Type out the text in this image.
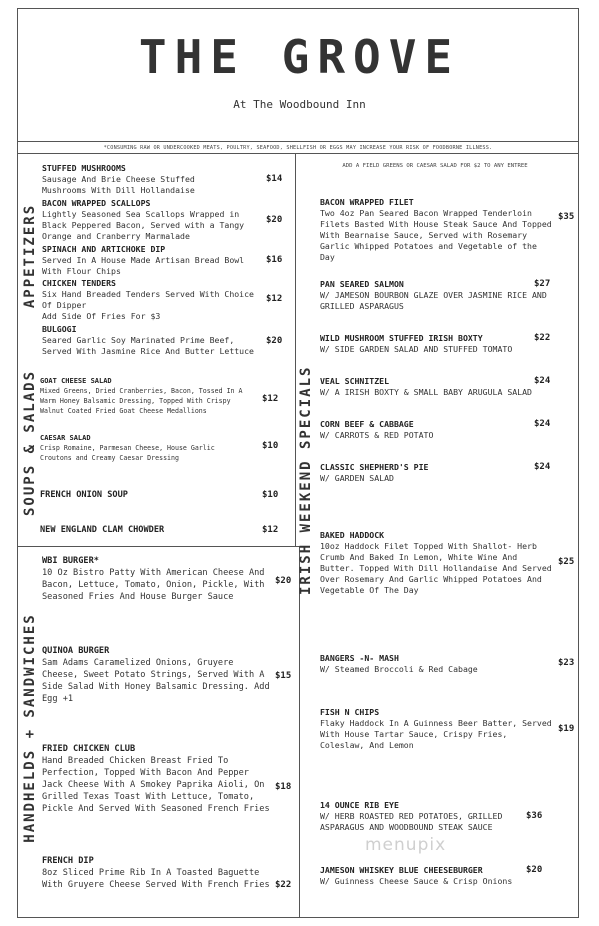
THE GROVE
At The Woodbound Inn
*CONSUMING RAW OR UNDERCOOKED MEATS, POULTRY, SEAFOOD, SHELLFISH OR EGGS MAY INCREASE YOUR RISK OF FOODBORNE ILLNESS.
APPETIZERS
SOUPS & SALADS
HANDHELDS + SANDWICHES
IRISH WEEKEND SPECIALS
ADD A FIELD GREENS OR CAESAR SALAD FOR $2 TO ANY ENTREE
STUFFED MUSHROOMS
Sausage And Brie Cheese Stuffed Mushrooms With Dill Hollandaise
$14
BACON WRAPPED SCALLOPS
Lightly Seasoned Sea Scallops Wrapped in Black Peppered Bacon, Served with a Tangy Orange and Cranberry Marmalade
$20
SPINACH AND ARTICHOKE DIP
Served In A House Made Artisan Bread Bowl With Flour Chips
$16
CHICKEN TENDERS
Six Hand Breaded Tenders Served With Choice Of Dipper
Add Side Of Fries For $3
$12
BULGOGI
Seared Garlic Soy Marinated Prime Beef, Served With Jasmine Rice And Butter Lettuce
$20
GOAT CHEESE SALAD
Mixed Greens, Dried Cranberries, Bacon, Tossed In A Warm Honey Balsamic Dressing, Topped With Crispy Walnut Coated Fried Goat Cheese Medallions
$12
CAESAR SALAD
Crisp Romaine, Parmesan Cheese, House Garlic Croutons and Creamy Caesar Dressing
$10
FRENCH ONION SOUP	$10
NEW ENGLAND CLAM CHOWDER	$12
WBI BURGER*
10 Oz Bistro Patty With American Cheese And Bacon, Lettuce, Tomato, Onion, Pickle, With Seasoned Fries And House Burger Sauce
$20
QUINOA BURGER
Sam Adams Caramelized Onions, Gruyere Cheese, Sweet Potato Strings, Served With A Side Salad With Honey Balsamic Dressing. Add Egg +1
$15
FRIED CHICKEN CLUB
Hand Breaded Chicken Breast Fried To Perfection, Topped With Bacon And Pepper Jack Cheese With A Smokey Paprika Aioli, On Grilled Texas Toast With Lettuce, Tomato, Pickle And Served With Seasoned French Fries
$18
FRENCH DIP
8oz Sliced Prime Rib In A Toasted Baguette With Gruyere Cheese Served With French Fries $22
BACON WRAPPED FILET
Two 4oz Pan Seared Bacon Wrapped Tenderloin Filets Basted With House Steak Sauce And Topped With Bearnaise Sauce, Served with Rosemary Garlic Whipped Potatoes and Vegetable of the Day
$35
PAN SEARED SALMON
W/ JAMESON BOURBON GLAZE OVER JASMINE RICE AND GRILLED ASPARAGUS
$27
WILD MUSHROOM STUFFED IRISH BOXTY
W/ SIDE GARDEN SALAD AND STUFFED TOMATO
$22
VEAL SCHNITZEL
W/ A IRISH BOXTY & SMALL BABY ARUGULA SALAD
$24
CORN BEEF & CABBAGE
W/ CARROTS & RED POTATO
$24
CLASSIC SHEPHERD'S PIE
W/ GARDEN SALAD
$24
BAKED HADDOCK
10oz Haddock Filet Topped With Shallot- Herb Crumb And Baked In Lemon, White Wine And Butter. Topped With Dill Hollandaise And Served Over Rosemary And Garlic Whipped Potatoes And Vegetable Of The Day
$25
BANGERS -N- MASH
W/ Steamed Broccoli & Red Cabage
$23
FISH N CHIPS
Flaky Haddock In A Guinness Beer Batter, Served With House Tartar Sauce, Crispy Fries, Coleslaw, And Lemon
$19
14 OUNCE RIB EYE
W/ HERB ROASTED RED POTATOES, GRILLED ASPARAGUS AND WOODBOUND STEAK SAUCE
$36
JAMESON WHISKEY BLUE CHEESEBURGER
W/ Guinness Cheese Sauce & Crisp Onions
$20
menupix
